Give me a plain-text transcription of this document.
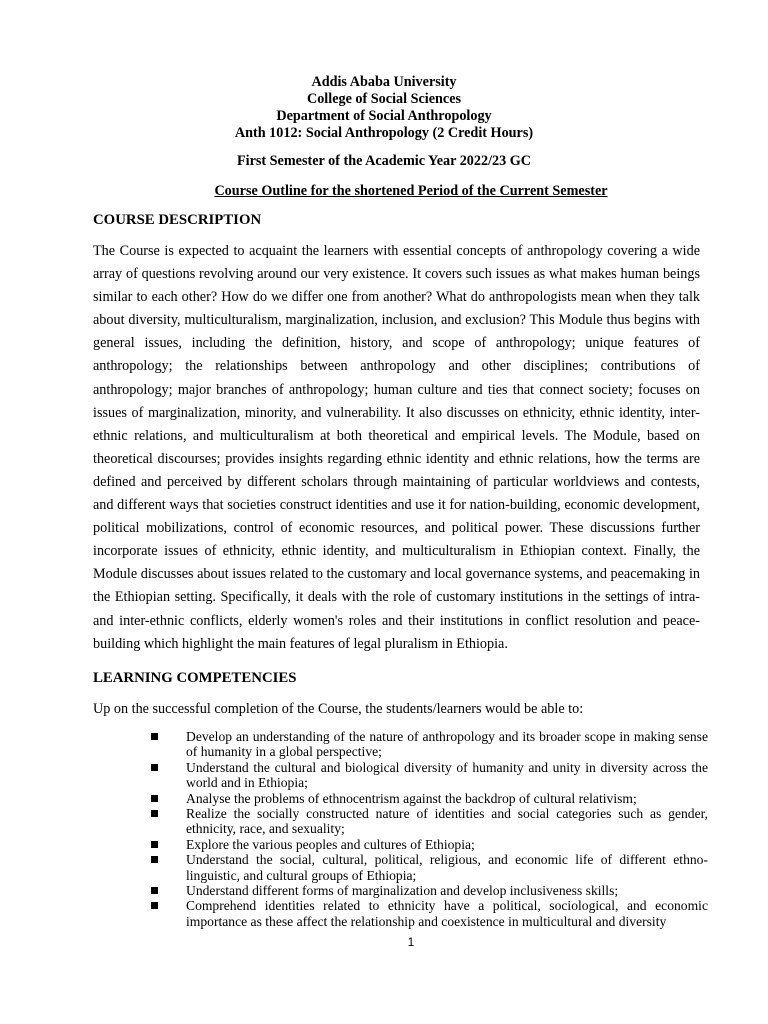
Addis Ababa University
College of Social Sciences
Department of Social Anthropology
Anth 1012: Social Anthropology (2 Credit Hours)
First Semester of the Academic Year 2022/23 GC
Course Outline for the shortened Period of the Current Semester
COURSE DESCRIPTION

The Course is expected to acquaint the learners with essential concepts of anthropology covering a wide array of questions revolving around our very existence. It covers such issues as what makes human beings similar to each other? How do we differ one from another? What do anthropologists mean when they talk about diversity, multiculturalism, marginalization, inclusion, and exclusion? This Module thus begins with general issues, including the definition, history, and scope of anthropology; unique features of anthropology; the relationships between anthropology and other disciplines; contributions of anthropology; major branches of anthropology; human culture and ties that connect society; focuses on issues of marginalization, minority, and vulnerability. It also discusses on ethnicity, ethnic identity, inter-ethnic relations, and multiculturalism at both theoretical and empirical levels. The Module, based on theoretical discourses; provides insights regarding ethnic identity and ethnic relations, how the terms are defined and perceived by different scholars through maintaining of particular worldviews and contests, and different ways that societies construct identities and use it for nation-building, economic development, political mobilizations, control of economic resources, and political power. These discussions further incorporate issues of ethnicity, ethnic identity, and multiculturalism in Ethiopian context. Finally, the Module discusses about issues related to the customary and local governance systems, and peacemaking in the Ethiopian setting. Specifically, it deals with the role of customary institutions in the settings of intra- and inter-ethnic conflicts, elderly women's roles and their institutions in conflict resolution and peace-building which highlight the main features of legal pluralism in Ethiopia.

LEARNING COMPETENCIES
Up on the successful completion of the Course, the students/learners would be able to:
Develop an understanding of the nature of anthropology and its broader scope in making sense of humanity in a global perspective;
Understand the cultural and biological diversity of humanity and unity in diversity across the world and in Ethiopia;
Analyse the problems of ethnocentrism against the backdrop of cultural relativism;
Realize the socially constructed nature of identities and social categories such as gender, ethnicity, race, and sexuality;
Explore the various peoples and cultures of Ethiopia;
Understand the social, cultural, political, religious, and economic life of different ethno-linguistic, and cultural groups of Ethiopia;
Understand different forms of marginalization and develop inclusiveness skills;
Comprehend identities related to ethnicity have a political, sociological, and economic importance as these affect the relationship and coexistence in multicultural and diversity
1
